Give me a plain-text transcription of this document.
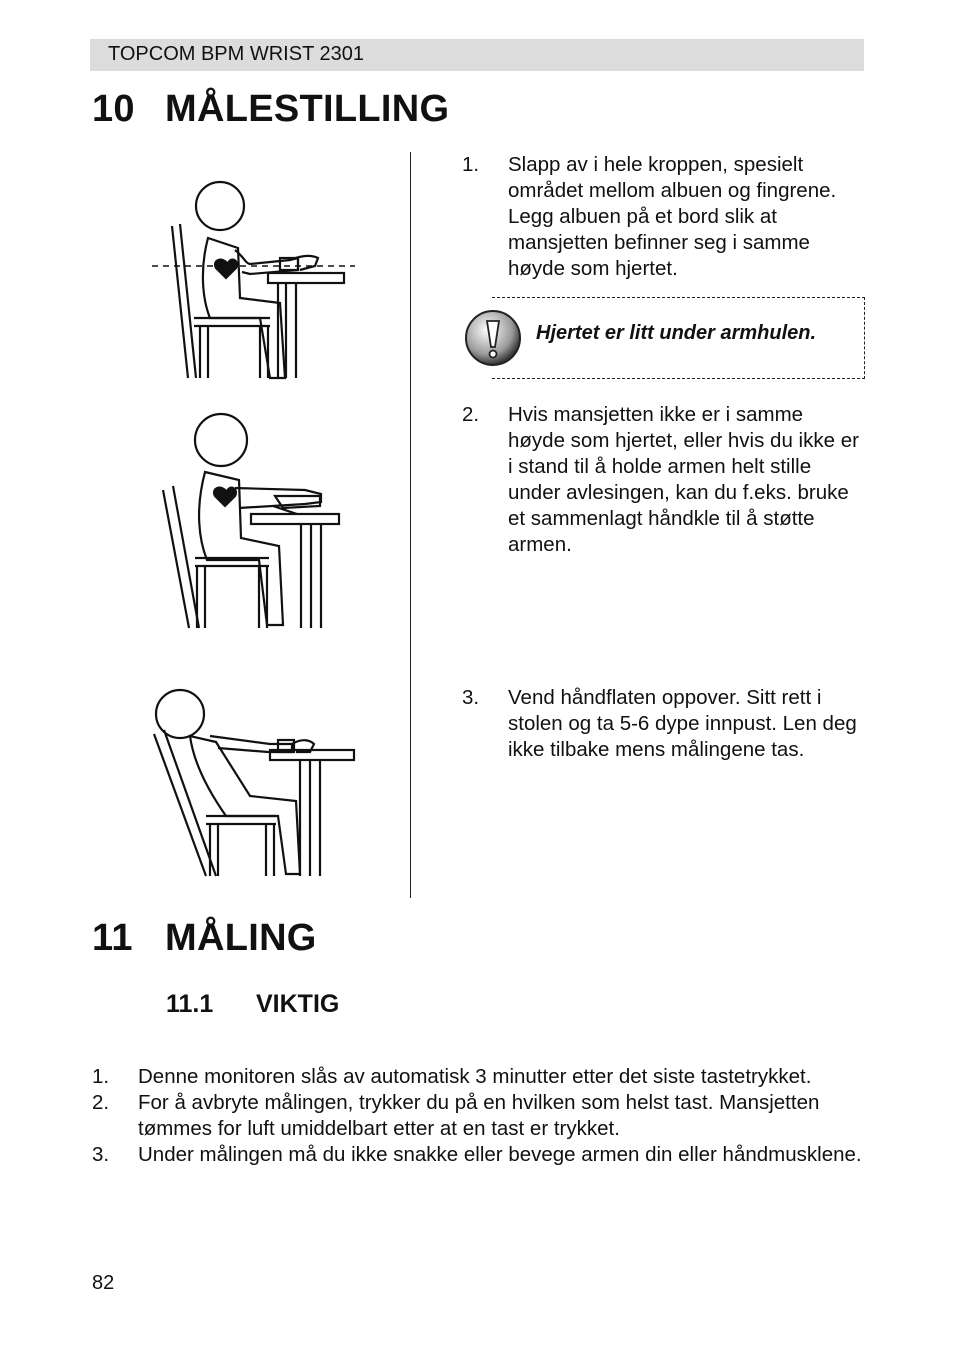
TOPCOM BPM WRIST 2301
10 MÅLESTILLING
1. Slapp av i hele kroppen, spesielt området mellom albuen og fingrene. Legg albuen på et bord slik at mansjetten befinner seg i samme høyde som hjertet.
Hjertet er litt under armhulen.
2. Hvis mansjetten ikke er i samme høyde som hjertet, eller hvis du ikke er i stand til å holde armen helt stille under avlesingen, kan du f.eks. bruke et sammenlagt håndkle til å støtte armen.
3. Vend håndflaten oppover. Sitt rett i stolen og ta 5-6 dype innpust. Len deg ikke tilbake mens målingene tas.
11 MÅLING
11.1 VIKTIG
1. Denne monitoren slås av automatisk 3 minutter etter det siste tastetrykket.
2. For å avbryte målingen, trykker du på en hvilken som helst tast. Mansjetten tømmes for luft umiddelbart etter at en tast er trykket.
3. Under målingen må du ikke snakke eller bevege armen din eller håndmusklene.
82
